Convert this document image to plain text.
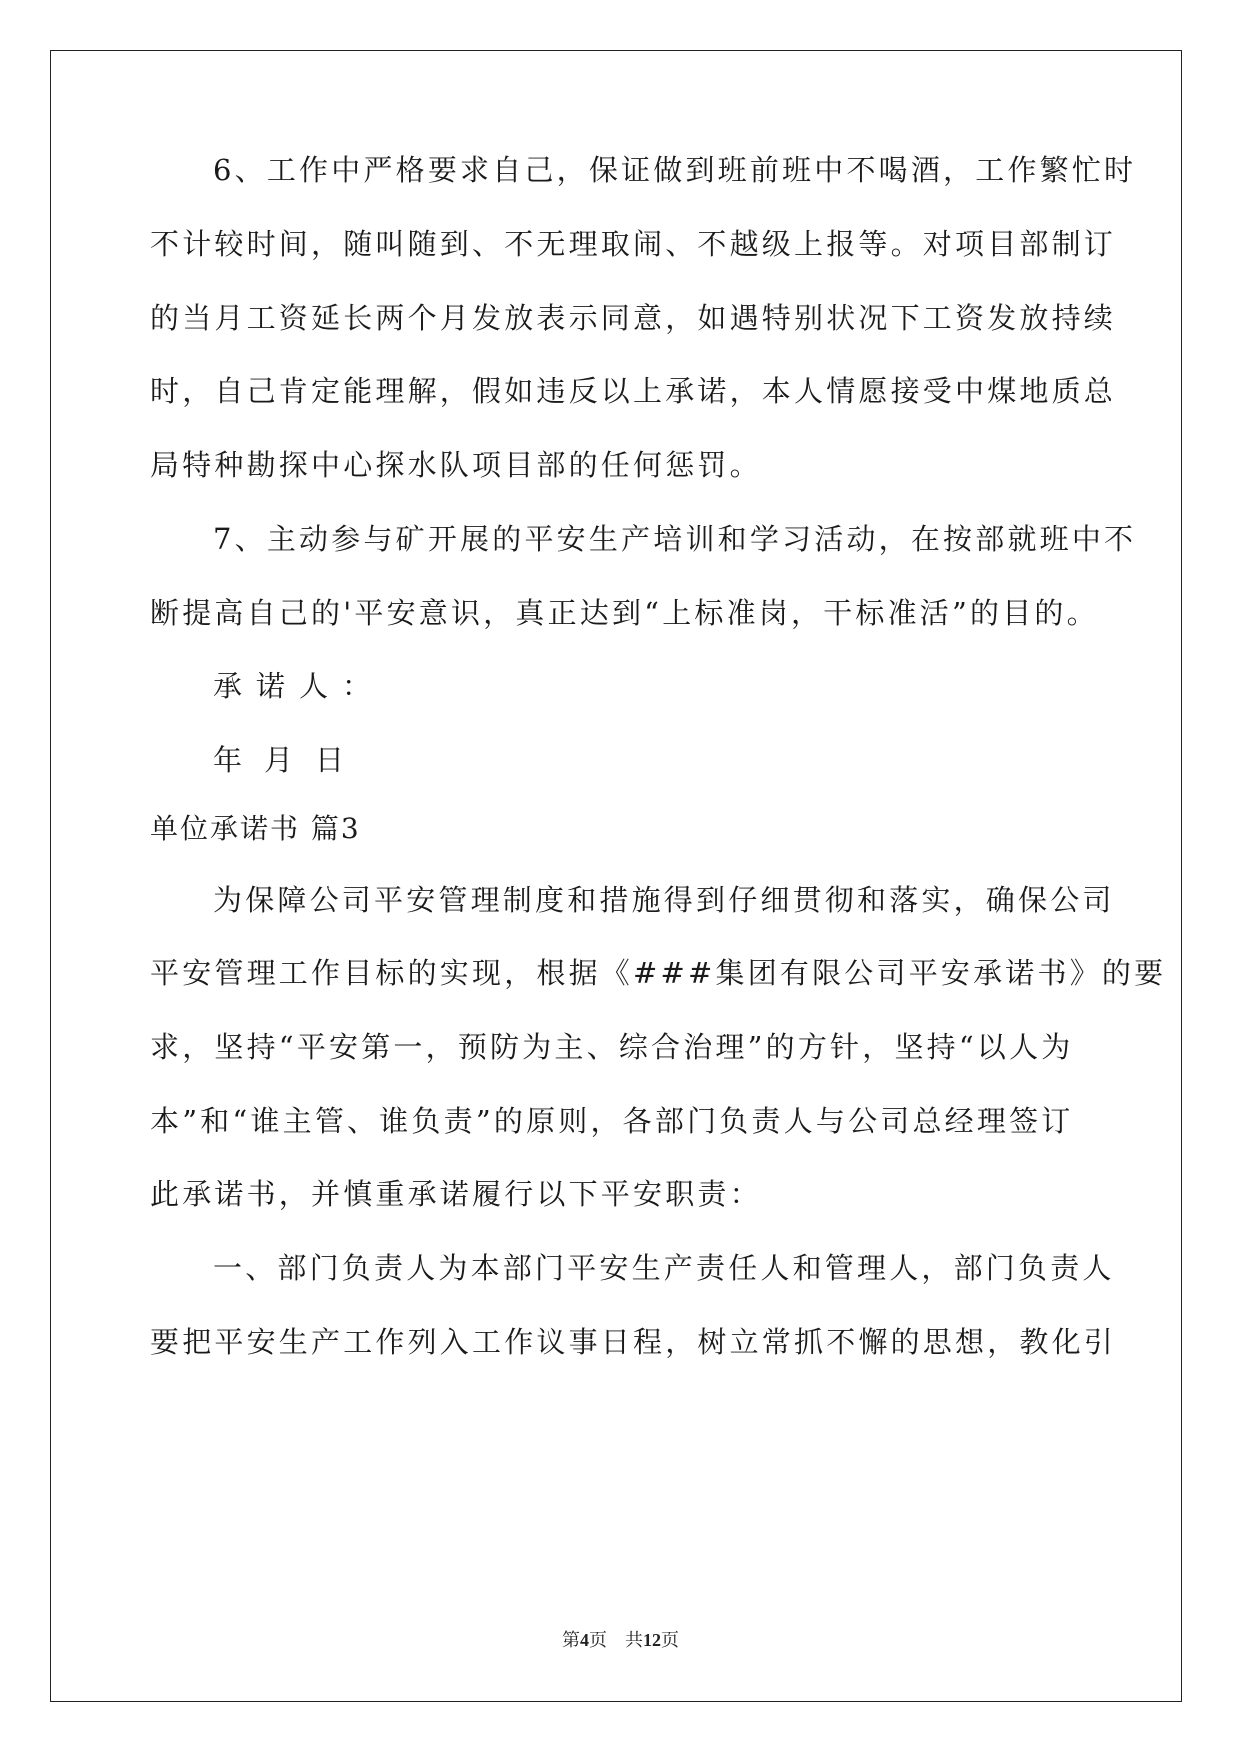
6、工作中严格要求自己，保证做到班前班中不喝酒，工作繁忙时
不计较时间，随叫随到、不无理取闹、不越级上报等。对项目部制订
的当月工资延长两个月发放表示同意，如遇特别状况下工资发放持续
时，自己肯定能理解，假如违反以上承诺，本人情愿接受中煤地质总
局特种勘探中心探水队项目部的任何惩罚。
7、主动参与矿开展的平安生产培训和学习活动，在按部就班中不
断提高自己的'平安意识，真正达到“上标准岗，干标准活”的目的。
承诺人：
年月日
单位承诺书 篇3
为保障公司平安管理制度和措施得到仔细贯彻和落实，确保公司
平安管理工作目标的实现，根据《###集团有限公司平安承诺书》的要
求，坚持“平安第一，预防为主、综合治理”的方针，坚持“以人为
本”和“谁主管、谁负责”的原则，各部门负责人与公司总经理签订
此承诺书，并慎重承诺履行以下平安职责：
一、部门负责人为本部门平安生产责任人和管理人，部门负责人
要把平安生产工作列入工作议事日程，树立常抓不懈的思想，教化引
第4页　共12页
